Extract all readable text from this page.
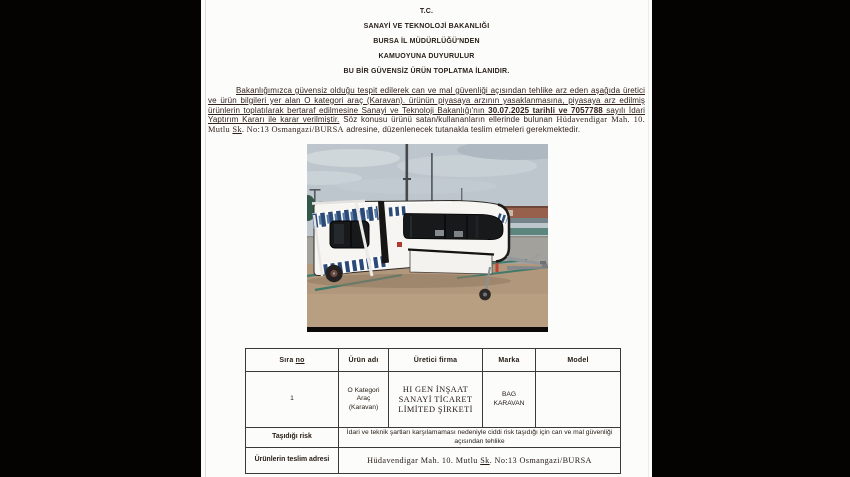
T.C.
SANAYİ VE TEKNOLOJİ BAKANLIĞI
BURSA İL MÜDÜRLÜĞÜ'NDEN
KAMUOYUNA DUYURULUR
BU BİR GÜVENSİZ ÜRÜN TOPLATMA İLANIDIR.

Bakanlığımızca güvensiz olduğu tespit edilerek can ve mal güvenliği açısından tehlike arz eden aşağıda üretici ve ürün bilgileri yer alan O kategori araç (Karavan). ürünün piyasaya arzının yasaklanmasına, piyasaya arz edilmiş ürünlerin toplatılarak bertaraf edilmesine Sanayi ve Teknoloji Bakanlığı'nın 30.07.2025 tarihli ve 7057788 sayılı İdari Yaptırım Kararı ile karar verilmiştir. Söz konusu ürünü satan/kullananların ellerinde bulunan Hüdavendigar Mah. 10. Mutlu Sk. No:13 Osmangazi/BURSA adresine, düzenlenecek tutanakla teslim etmeleri gerekmektedir.

Sıra no	Ürün adı	Üretici firma	Marka	Model
1	O Kategori Araç (Karavan)	HI GEN İNŞAAT SANAYİ TİCARET LİMİTED ŞİRKETİ	BAG KARAVAN	
Taşıdığı risk	İdari ve teknik şartları karşılamaması nedeniyle ciddi risk taşıdığı için can ve mal güvenliği açısından tehlike			
Ürünlerin teslim adresi	Hüdavendigar Mah. 10. Mutlu Sk. No:13 Osmangazi/BURSA			
